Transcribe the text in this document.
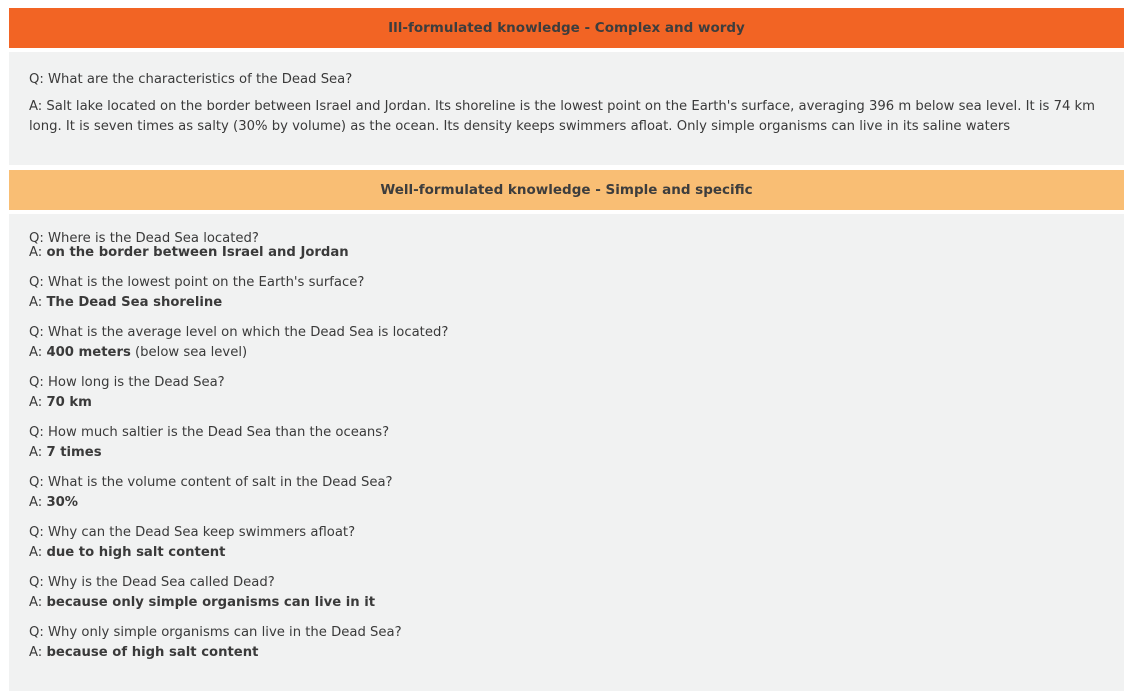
Ill-formulated knowledge - Complex and wordy
Q: What are the characteristics of the Dead Sea?
A: Salt lake located on the border between Israel and Jordan. Its shoreline is the lowest point on the Earth's surface, averaging 396 m below sea level. It is 74 km long. It is seven times as salty (30% by volume) as the ocean. Its density keeps swimmers afloat. Only simple organisms can live in its saline waters
Well-formulated knowledge - Simple and specific
Q: Where is the Dead Sea located?
A: on the border between Israel and Jordan
Q: What is the lowest point on the Earth's surface?
A: The Dead Sea shoreline
Q: What is the average level on which the Dead Sea is located?
A: 400 meters (below sea level)
Q: How long is the Dead Sea?
A: 70 km
Q: How much saltier is the Dead Sea than the oceans?
A: 7 times
Q: What is the volume content of salt in the Dead Sea?
A: 30%
Q: Why can the Dead Sea keep swimmers afloat?
A: due to high salt content
Q: Why is the Dead Sea called Dead?
A: because only simple organisms can live in it
Q: Why only simple organisms can live in the Dead Sea?
A: because of high salt content
